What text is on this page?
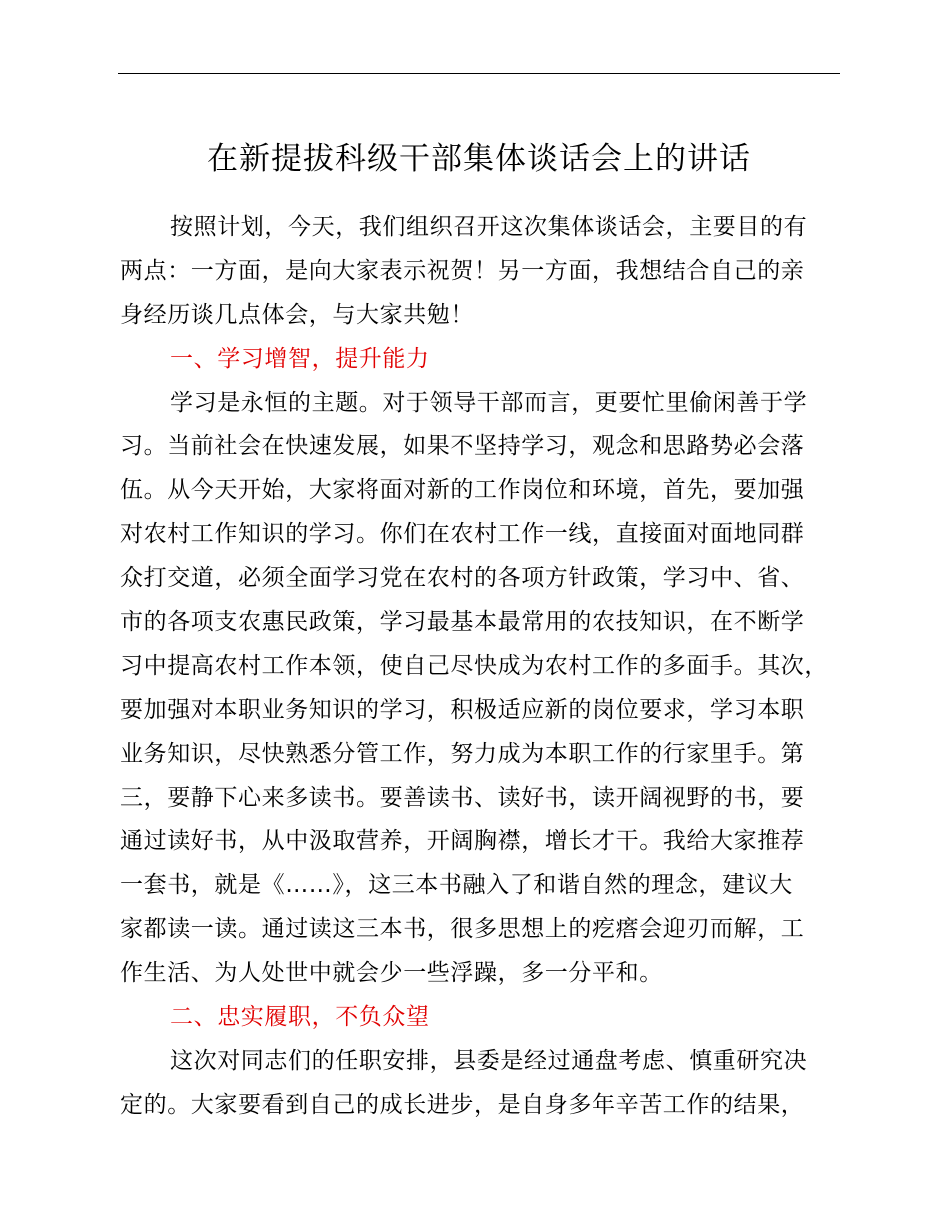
在新提拔科级干部集体谈话会上的讲话
按照计划，今天，我们组织召开这次集体谈话会，主要目的有
两点：一方面，是向大家表示祝贺！另一方面，我想结合自己的亲
身经历谈几点体会，与大家共勉！
一、学习增智，提升能力
学习是永恒的主题。对于领导干部而言，更要忙里偷闲善于学
习。当前社会在快速发展，如果不坚持学习，观念和思路势必会落
伍。从今天开始，大家将面对新的工作岗位和环境，首先，要加强
对农村工作知识的学习。你们在农村工作一线，直接面对面地同群
众打交道，必须全面学习党在农村的各项方针政策，学习中、省、
市的各项支农惠民政策，学习最基本最常用的农技知识，在不断学
习中提高农村工作本领，使自己尽快成为农村工作的多面手。其次，
要加强对本职业务知识的学习，积极适应新的岗位要求，学习本职
业务知识，尽快熟悉分管工作，努力成为本职工作的行家里手。第
三，要静下心来多读书。要善读书、读好书，读开阔视野的书，要
通过读好书，从中汲取营养，开阔胸襟，增长才干。我给大家推荐
一套书，就是《……》，这三本书融入了和谐自然的理念，建议大
家都读一读。通过读这三本书，很多思想上的疙瘩会迎刃而解，工
作生活、为人处世中就会少一些浮躁，多一分平和。
二、忠实履职，不负众望
这次对同志们的任职安排，县委是经过通盘考虑、慎重研究决
定的。大家要看到自己的成长进步，是自身多年辛苦工作的结果，
